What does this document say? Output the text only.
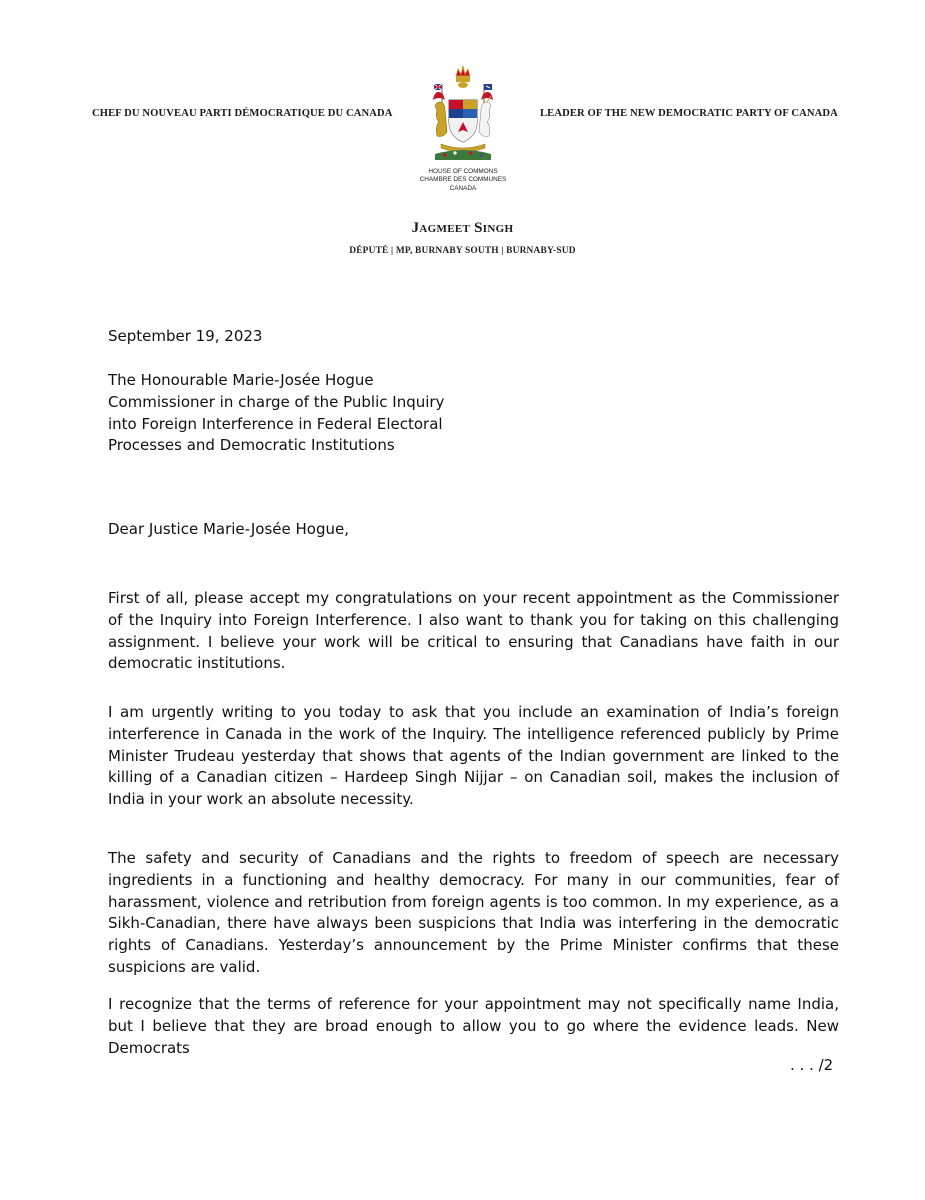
CHEF DU NOUVEAU PARTI DÉMOCRATIQUE DU CANADA	LEADER OF THE NEW DEMOCRATIC PARTY OF CANADA
HOUSE OF COMMONS
CHAMBRE DES COMMUNES
CANADA
Jagmeet Singh
DÉPUTÉ | MP, BURNABY SOUTH | BURNABY-SUD
September 19, 2023
The Honourable Marie-Josée Hogue
Commissioner in charge of the Public Inquiry
into Foreign Interference in Federal Electoral
Processes and Democratic Institutions
Dear Justice Marie-Josée Hogue,
First of all, please accept my congratulations on your recent appointment as the Commissioner of the Inquiry into Foreign Interference. I also want to thank you for taking on this challenging assignment. I believe your work will be critical to ensuring that Canadians have faith in our democratic institutions.
I am urgently writing to you today to ask that you include an examination of India’s foreign interference in Canada in the work of the Inquiry. The intelligence referenced publicly by Prime Minister Trudeau yesterday that shows that agents of the Indian government are linked to the killing of a Canadian citizen – Hardeep Singh Nijjar – on Canadian soil, makes the inclusion of India in your work an absolute necessity.
The safety and security of Canadians and the rights to freedom of speech are necessary ingredients in a functioning and healthy democracy. For many in our communities, fear of harassment, violence and retribution from foreign agents is too common. In my experience, as a Sikh-Canadian, there have always been suspicions that India was interfering in the democratic rights of Canadians. Yesterday’s announcement by the Prime Minister confirms that these suspicions are valid.
I recognize that the terms of reference for your appointment may not specifically name India, but I believe that they are broad enough to allow you to go where the evidence leads. New Democrats
. . . /2
